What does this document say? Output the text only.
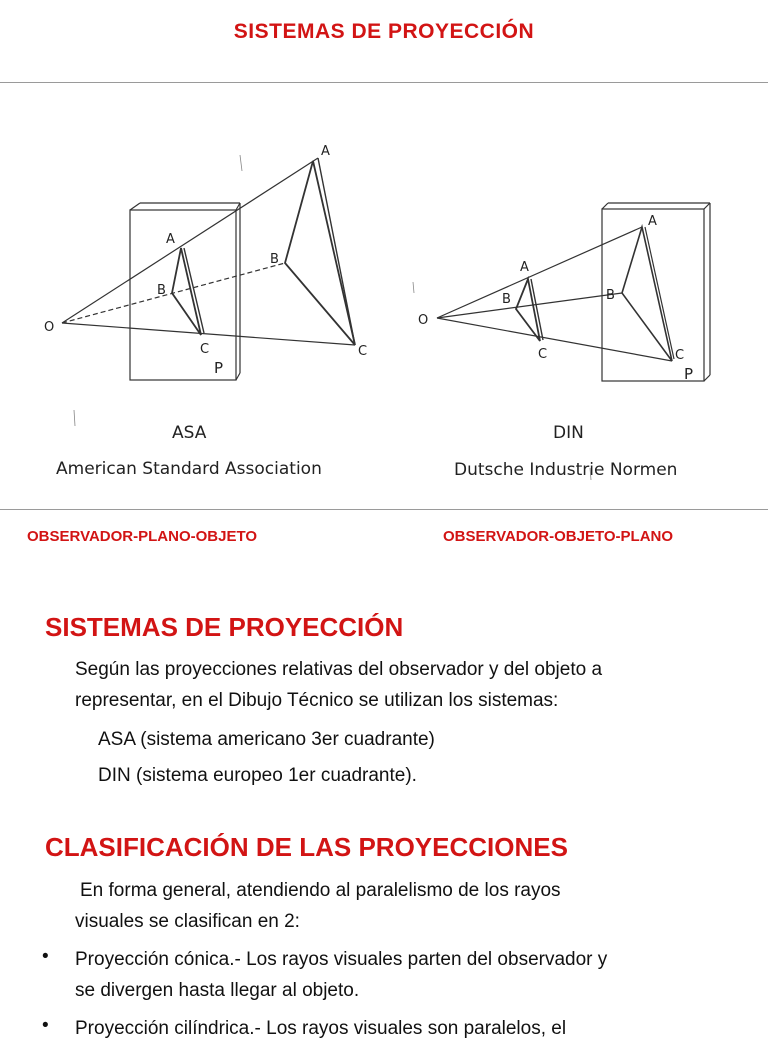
SISTEMAS DE PROYECCIÓN
O
A
B
C
A
B
C
P
O
A
B
C
A
B
C
P
ASA
American Standard Association
DIN
Dutsche Industrie Normen
OBSERVADOR-PLANO-OBJETO	OBSERVADOR-OBJETO-PLANO
SISTEMAS DE PROYECCIÓN
Según las proyecciones relativas del observador y del objeto a
representar, en el Dibujo Técnico se utilizan los sistemas:
ASA (sistema americano 3er cuadrante)
DIN (sistema europeo 1er cuadrante).
CLASIFICACIÓN DE LAS PROYECCIONES
En forma general, atendiendo al paralelismo de los rayos
visuales se clasifican en 2:
• Proyección cónica.- Los rayos visuales parten del observador y
se divergen hasta llegar al objeto.
• Proyección cilíndrica.- Los rayos visuales son paralelos, el
